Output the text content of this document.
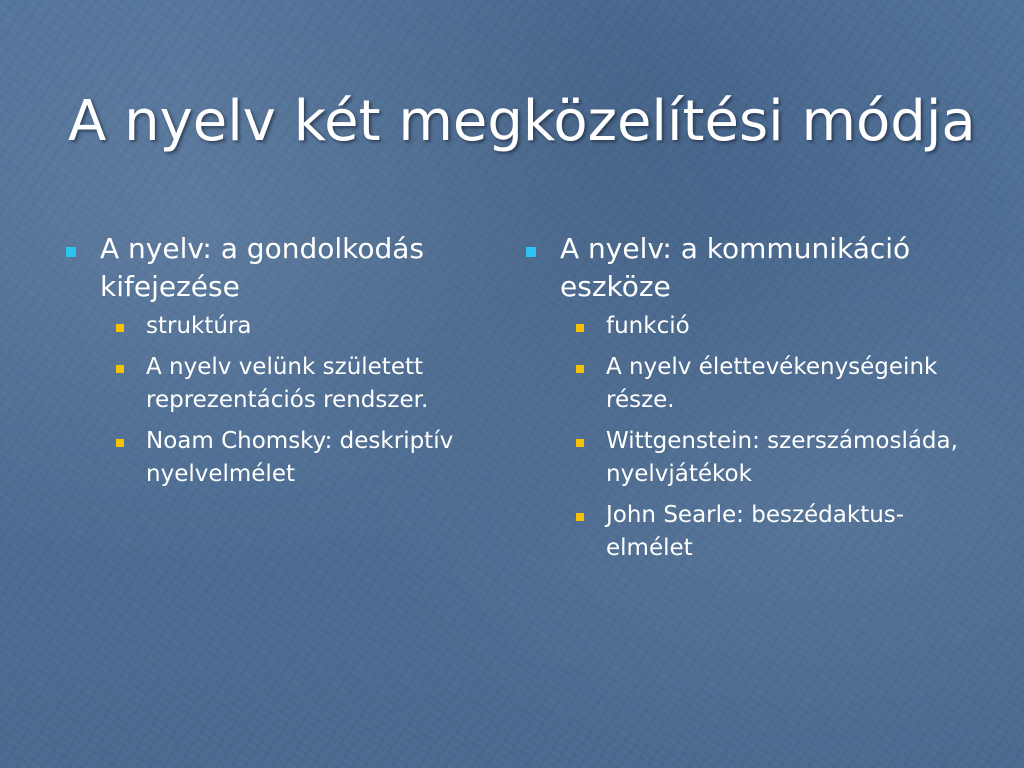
A nyelv két megközelítési módja
A nyelv: a gondolkodás kifejezése
struktúra
A nyelv velünk született reprezentációs rendszer.
Noam Chomsky: deskriptív nyelvelmélet
A nyelv: a kommunikáció eszköze
funkció
A nyelv élettevékenységeink része.
Wittgenstein: szerszámosláda, nyelvjátékok
John Searle: beszédaktus-elmélet
